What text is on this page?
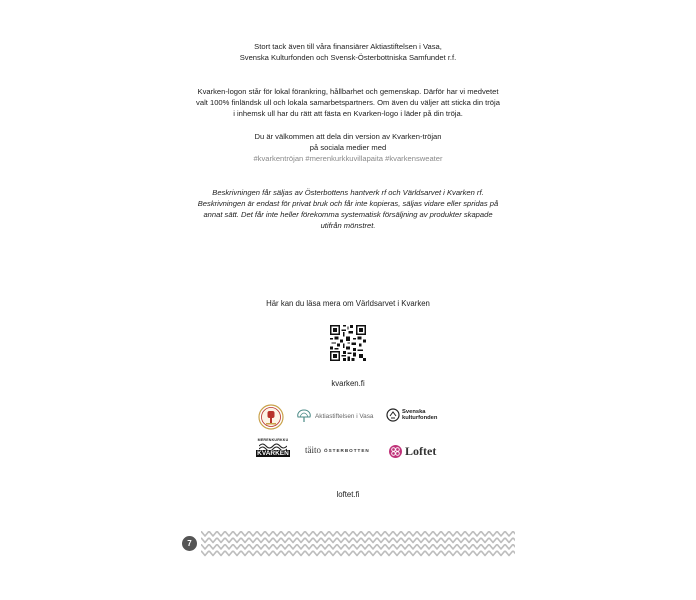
Stort tack även till våra finansiärer Aktiastiftelsen i Vasa,
Svenska Kulturfonden och Svensk-Österbottniska Samfundet r.f.

Kvarken-logon står för lokal förankring, hållbarhet och gemenskap. Därför har vi medvetet
valt 100% finländsk ull och lokala samarbetspartners. Om även du väljer att sticka din tröja
i inhemsk ull har du rätt att fästa en Kvarken-logo i läder på din tröja.

Du är välkommen att dela din version av Kvarken-tröjan
på sociala medier med
#kvarkentröjan #merenkurkkuvillapaita #kvarkensweater

Beskrivningen får säljas av Österbottens hantverk rf och Världsarvet i Kvarken rf.
Beskrivningen är endast för privat bruk och får inte kopieras, säljas vidare eller spridas på
annat sätt. Det får inte heller förekomma systematisk försäljning av produkter skapade
utifrån mönstret.

Här kan du läsa mera om Världsarvet i Kvarken
kvarken.fi
Aktiastiftelsen i Vasa
Svenska
kulturfonden
MERENKURKKU
KVARKEN täito ÖSTERBOTTEN	Loftet
loftet.fi
7
